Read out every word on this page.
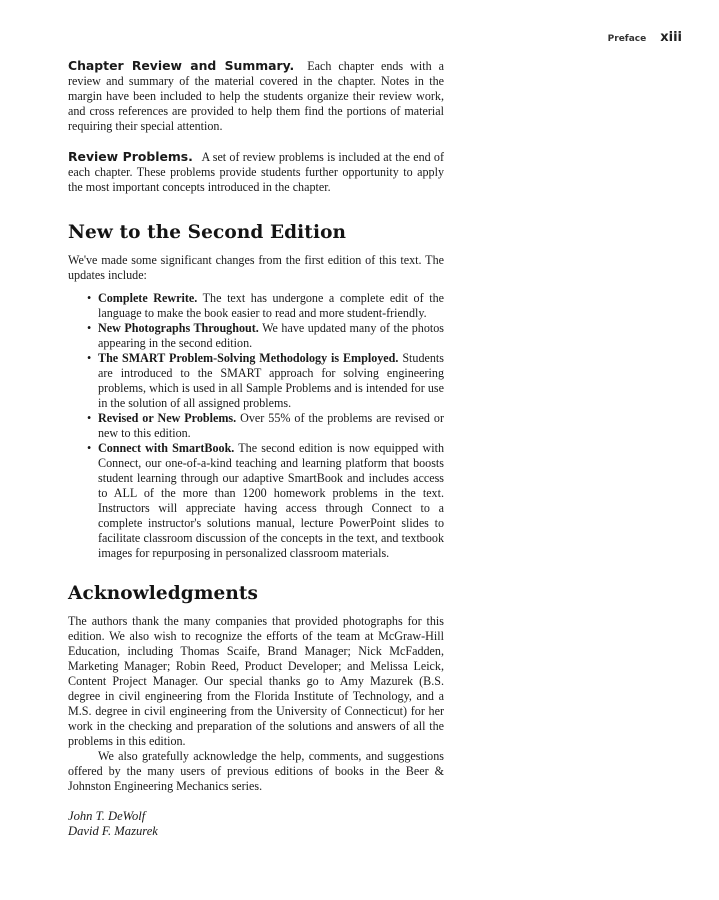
Preface xiii

Chapter Review and Summary. Each chapter ends with a review and summary of the material covered in the chapter. Notes in the margin have been included to help the students organize their review work, and cross references are provided to help them find the portions of material requiring their special attention.

Review Problems. A set of review problems is included at the end of each chapter. These problems provide students further opportunity to apply the most important concepts introduced in the chapter.

New to the Second Edition

We've made some significant changes from the first edition of this text. The updates include:

• Complete Rewrite. The text has undergone a complete edit of the language to make the book easier to read and more student-friendly.
• New Photographs Throughout. We have updated many of the photos appearing in the second edition.
• The SMART Problem-Solving Methodology is Employed. Students are introduced to the SMART approach for solving engineering problems, which is used in all Sample Problems and is intended for use in the solution of all assigned problems.
• Revised or New Problems. Over 55% of the problems are revised or new to this edition.
• Connect with SmartBook. The second edition is now equipped with Connect, our one-of-a-kind teaching and learning platform that boosts student learning through our adaptive SmartBook and includes access to ALL of the more than 1200 homework problems in the text. Instructors will appreciate having access through Connect to a complete instructor's solutions manual, lecture PowerPoint slides to facilitate classroom discussion of the concepts in the text, and textbook images for repurposing in personalized classroom materials.
Acknowledgments

The authors thank the many companies that provided photographs for this edition. We also wish to recognize the efforts of the team at McGraw-Hill Education, including Thomas Scaife, Brand Manager; Nick McFadden, Marketing Manager; Robin Reed, Product Developer; and Melissa Leick, Content Project Manager. Our special thanks go to Amy Mazurek (B.S. degree in civil engineering from the Florida Institute of Technology, and a M.S. degree in civil engineering from the University of Connecticut) for her work in the checking and preparation of the solutions and answers of all the problems in this edition.

We also gratefully acknowledge the help, comments, and suggestions offered by the many users of previous editions of books in the Beer & Johnston Engineering Mechanics series.

John T. DeWolf
David F. Mazurek
